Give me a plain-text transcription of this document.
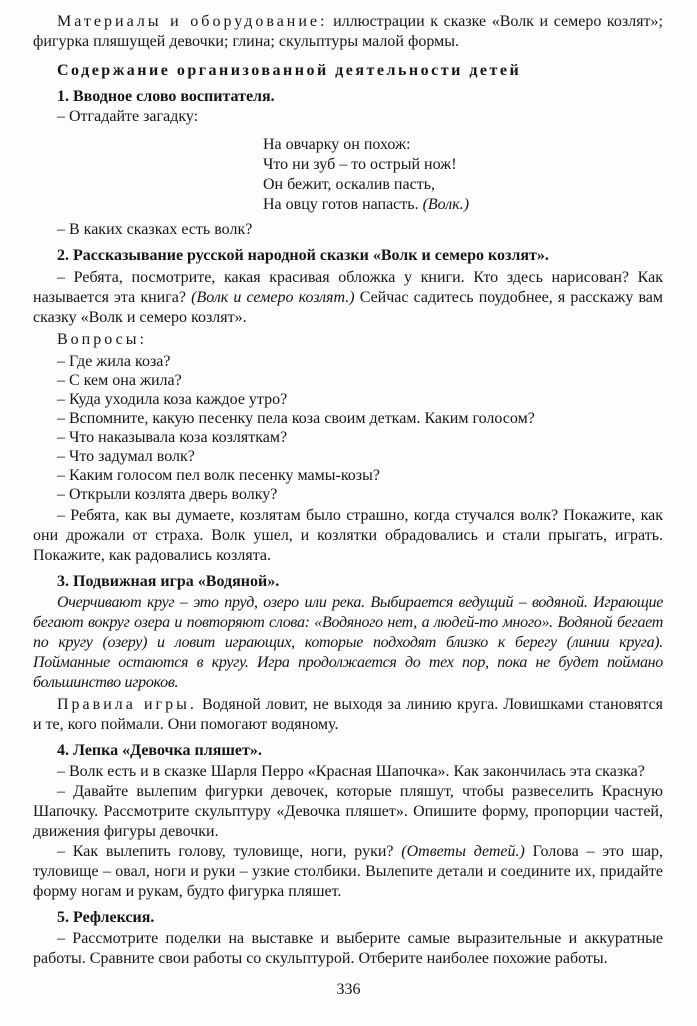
Материалы и оборудование: иллюстрации к сказке «Волк и семеро козлят»; фигурка пляшущей девочки; глина; скульптуры малой формы.

Содержание организованной деятельности детей

1. Вводное слово воспитателя.

– Отгадайте загадку:

На овчарку он похож:
Что ни зуб – то острый нож!
Он бежит, оскалив пасть,
На овцу готов напасть. (Волк.)

– В каких сказках есть волк?

2. Рассказывание русской народной сказки «Волк и семеро козлят».

– Ребята, посмотрите, какая красивая обложка у книги. Кто здесь нарисован? Как называется эта книга? (Волк и семеро козлят.) Сейчас садитесь поудобнее, я расскажу вам сказку «Волк и семеро козлят».

Вопросы:

– Где жила коза?

– С кем она жила?

– Куда уходила коза каждое утро?

– Вспомните, какую песенку пела коза своим деткам. Каким голосом?

– Что наказывала коза козляткам?

– Что задумал волк?

– Каким голосом пел волк песенку мамы-козы?

– Открыли козлята дверь волку?

– Ребята, как вы думаете, козлятам было страшно, когда стучался волк? Покажите, как они дрожали от страха. Волк ушел, и козлятки обрадовались и стали прыгать, играть. Покажите, как радовались козлята.

3. Подвижная игра «Водяной».

Очерчивают круг – это пруд, озеро или река. Выбирается ведущий – водяной. Играющие бегают вокруг озера и повторяют слова: «Водяного нет, а людей-то много». Водяной бегает по кругу (озеру) и ловит играющих, которые подходят близко к берегу (линии круга). Пойманные остаются в кругу. Игра продолжается до тех пор, пока не будет поймано большинство игроков.

Правила игры. Водяной ловит, не выходя за линию круга. Ловишками становятся и те, кого поймали. Они помогают водяному.

4. Лепка «Девочка пляшет».

– Волк есть и в сказке Шарля Перро «Красная Шапочка». Как закончилась эта сказка?

– Давайте вылепим фигурки девочек, которые пляшут, чтобы развеселить Красную Шапочку. Рассмотрите скульптуру «Девочка пляшет». Опишите форму, пропорции частей, движения фигуры девочки.

– Как вылепить голову, туловище, ноги, руки? (Ответы детей.) Голова – это шар, туловище – овал, ноги и руки – узкие столбики. Вылепите детали и соедините их, придайте форму ногам и рукам, будто фигурка пляшет.

5. Рефлексия.

– Рассмотрите поделки на выставке и выберите самые выразительные и аккуратные работы. Сравните свои работы со скульптурой. Отберите наиболее похожие работы.

336
